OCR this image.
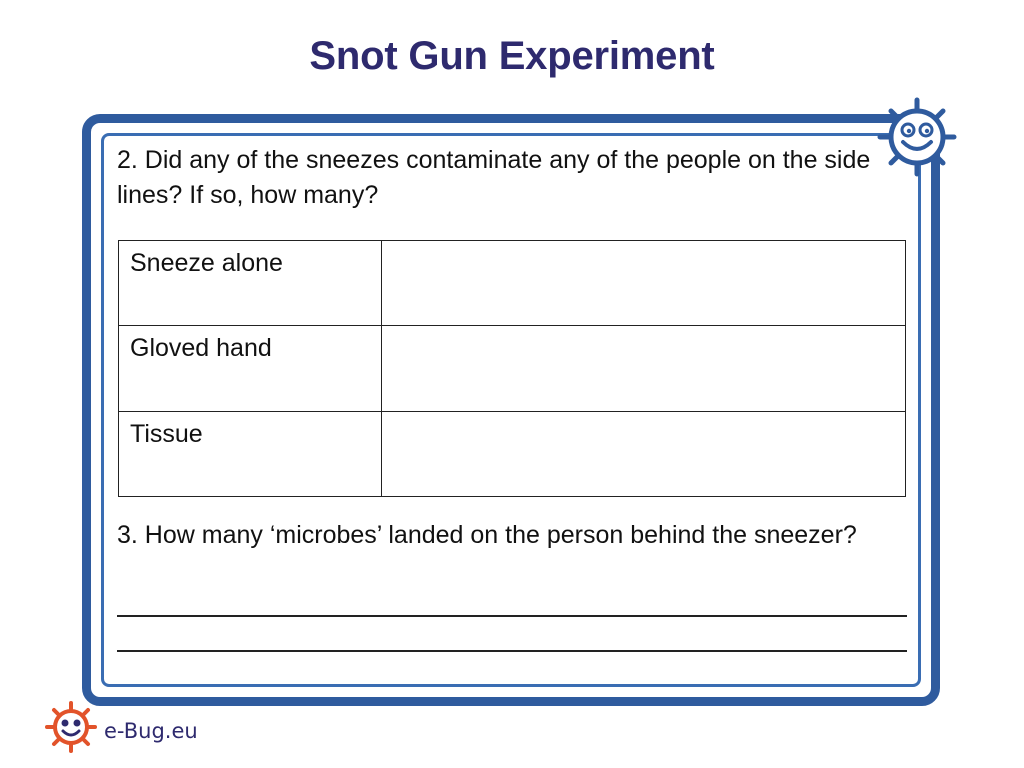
Snot Gun Experiment
2. Did any of the sneezes contaminate any of the people on the side lines? If so, how many?
Sneeze alone	
Gloved hand	
Tissue	
3. How many ‘microbes’ landed on the person behind the sneezer?
e-Bug.eu
